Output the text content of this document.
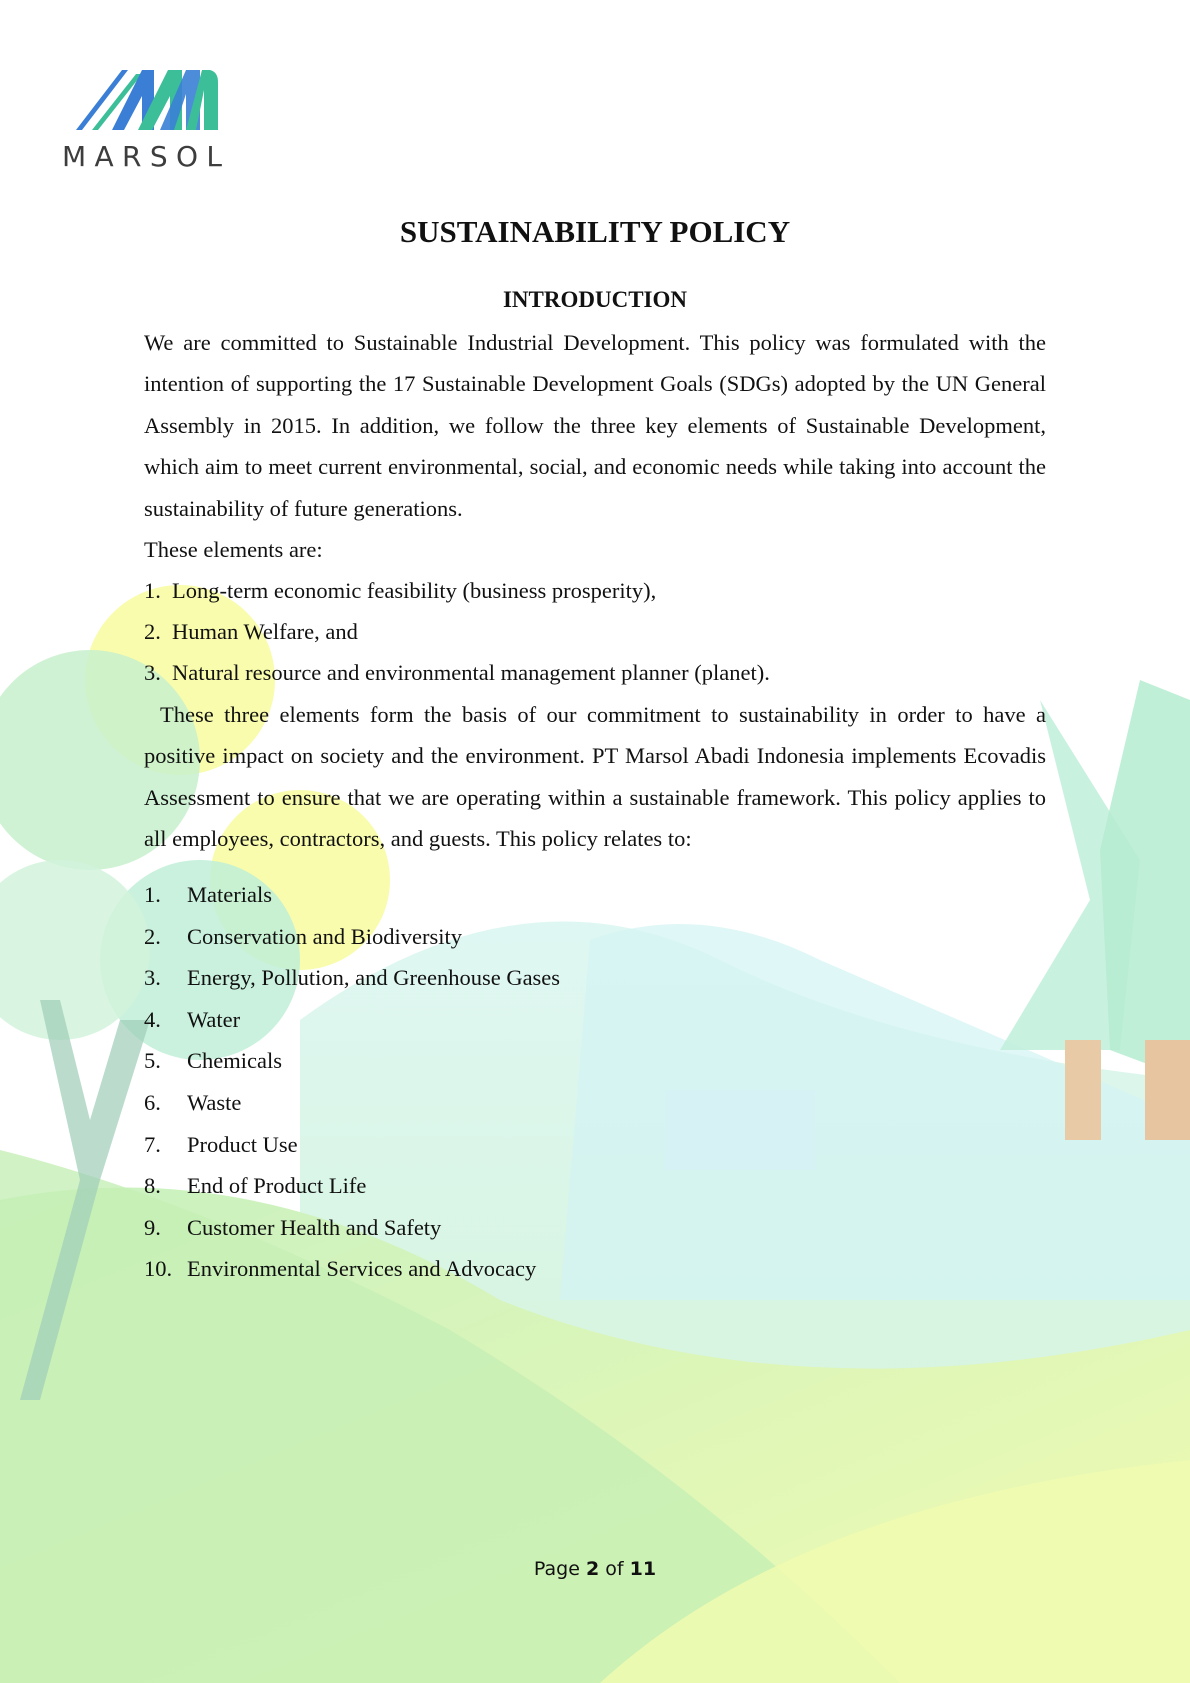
MARSOL
SUSTAINABILITY POLICY
INTRODUCTION

We are committed to Sustainable Industrial Development. This policy was formulated with the intention of supporting the 17 Sustainable Development Goals (SDGs) adopted by the UN General Assembly in 2015. In addition, we follow the three key elements of Sustainable Development, which aim to meet current environmental, social, and economic needs while taking into account the sustainability of future generations.

These elements are:
1. Long-term economic feasibility (business prosperity),
2. Human Welfare, and
3. Natural resource and environmental management planner (planet).

These three elements form the basis of our commitment to sustainability in order to have a positive impact on society and the environment. PT Marsol Abadi Indonesia implements Ecovadis Assessment to ensure that we are operating within a sustainable framework. This policy applies to all employees, contractors, and guests. This policy relates to:

1. Materials
2. Conservation and Biodiversity
3. Energy, Pollution, and Greenhouse Gases
4. Water
5. Chemicals
6. Waste
7. Product Use
8. End of Product Life
9. Customer Health and Safety
10. Environmental Services and Advocacy
Page 2 of 11
